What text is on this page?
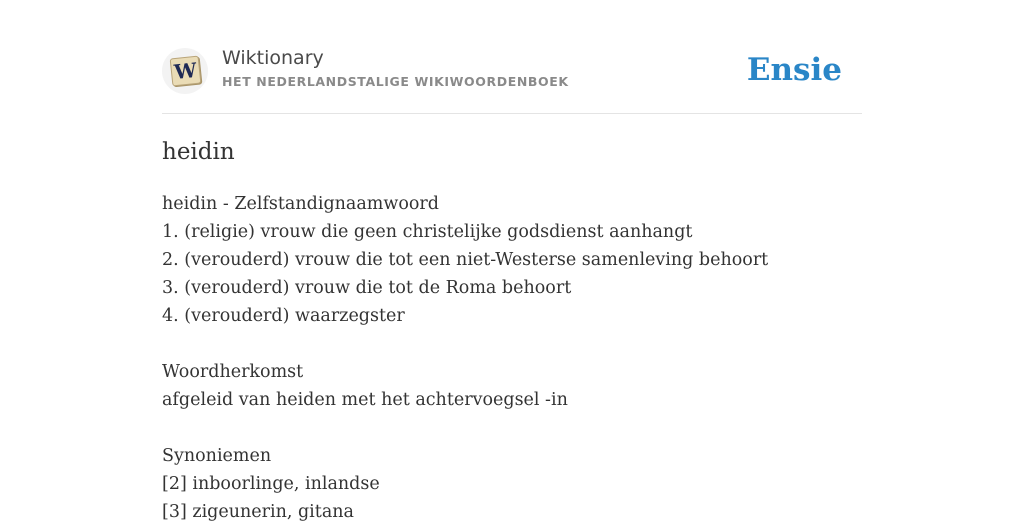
W Wiktionary
HET NEDERLANDSTALIGE WIKIWOORDENBOEK	Ensie
heidin
heidin - Zelfstandignaamwoord
1. (religie) vrouw die geen christelijke godsdienst aanhangt
2. (verouderd) vrouw die tot een niet-Westerse samenleving behoort
3. (verouderd) vrouw die tot de Roma behoort
4. (verouderd) waarzegster
Woordherkomst
afgeleid van heiden met het achtervoegsel -in
Synoniemen
[2] inboorlinge, inlandse
[3] zigeunerin, gitana
